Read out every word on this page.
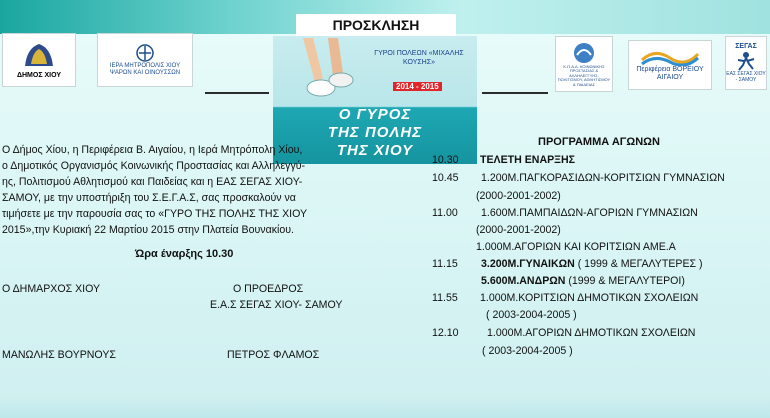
ΠΡΟΣΚΛΗΣΗ
ΔΗΜΟΣ ΧΙΟΥ
ΙΕΡΑ ΜΗΤΡΟΠΟΛΙΣ ΧΙΟΥ ΨΑΡΩΝ ΚΑΙ ΟΙΝΟΥΣΣΩΝ
ΓΥΡΟΙ ΠΟΛΕΩΝ «ΜΙΧΑΛΗΣ ΚΟΥΣΗΣ»
2014 - 2015
Ο ΓΥΡΟΣ
ΤΗΣ ΠΟΛΗΣ
ΤΗΣ ΧΙΟΥ
Κ.Π.Α.Δ. ΚΟΙΝΩΝΙΚΗΣ ΠΡΟΣΤΑΣΙΑΣ & ΑΛΛΗΛΕΓΓΥΗΣ, ΠΟΛΙΤΙΣΜΟΥ, ΑΘΛΗΤΙΣΜΟΥ & ΠΑΙΔΕΙΑΣ
Περιφέρεια ΒΟΡΕΙΟΥ ΑΙΓΑΙΟΥ
ΣΕΓΑΣ
ΕΑΣ ΣΕΓΑΣ ΧΙΟΥ - ΣΑΜΟΥ
Ο Δήμος Χίου, η Περιφέρεια Β. Αιγαίου, η Ιερά Μητρόπολη Χίου,
ο Δημοτικός Οργανισμός Κοινωνικής Προστασίας και Αλληλεγγύ-
ης, Πολιτισμού Αθλητισμού και Παιδείας και η ΕΑΣ ΣΕΓΑΣ ΧΙΟΥ-
ΣΑΜΟΥ, με την υποστήριξη του Σ.Ε.Γ.Α.Σ, σας προσκαλούν να
τιμήσετε με την παρουσία σας το «ΓΥΡΟ ΤΗΣ ΠΟΛΗΣ ΤΗΣ ΧΙΟΥ
2015»,την Κυριακή 22 Μαρτίου 2015 στην Πλατεία Βουνακίου.
Ώρα έναρξης 10.30
Ο ΔΗΜΑΡΧΟΣ ΧΙΟΥ	Ο ΠΡΟΕΔΡΟΣ
Ε.Α.Σ ΣΕΓΑΣ ΧΙΟΥ- ΣΑΜΟΥ
ΜΑΝΩΛΗΣ ΒΟΥΡΝΟΥΣ	ΠΕΤΡΟΣ ΦΛΑΜΟΣ
ΠΡΟΓΡΑΜΜΑ ΑΓΩΝΩΝ
10.30 ΤΕΛΕΤΗ ΕΝΑΡΞΗΣ
10.45 1.200Μ.ΠΑΓΚΟΡΑΣΙΔΩΝ-ΚΟΡΙΤΣΙΩΝ ΓΥΜΝΑΣΙΩΝ
(2000-2001-2002)
11.00 1.600Μ.ΠΑΜΠΑΙΔΩΝ-ΑΓΟΡΙΩΝ ΓΥΜΝΑΣΙΩΝ
(2000-2001-2002)
1.000Μ.ΑΓΟΡΙΩΝ ΚΑΙ ΚΟΡΙΤΣΙΩΝ ΑΜΕ.Α
11.15 3.200Μ.ΓΥΝΑΙΚΩΝ ( 1999 & ΜΕΓΑΛΥΤΕΡΕΣ )
5.600Μ.ΑΝΔΡΩΝ (1999 & ΜΕΓΑΛΥΤΕΡΟΙ)
11.55 1.000Μ.ΚΟΡΙΤΣΙΩΝ ΔΗΜΟΤΙΚΩΝ ΣΧΟΛΕΙΩΝ
( 2003-2004-2005 )
12.10	1.000Μ.ΑΓΟΡΙΩΝ ΔΗΜΟΤΙΚΩΝ ΣΧΟΛΕΙΩΝ
( 2003-2004-2005 )
